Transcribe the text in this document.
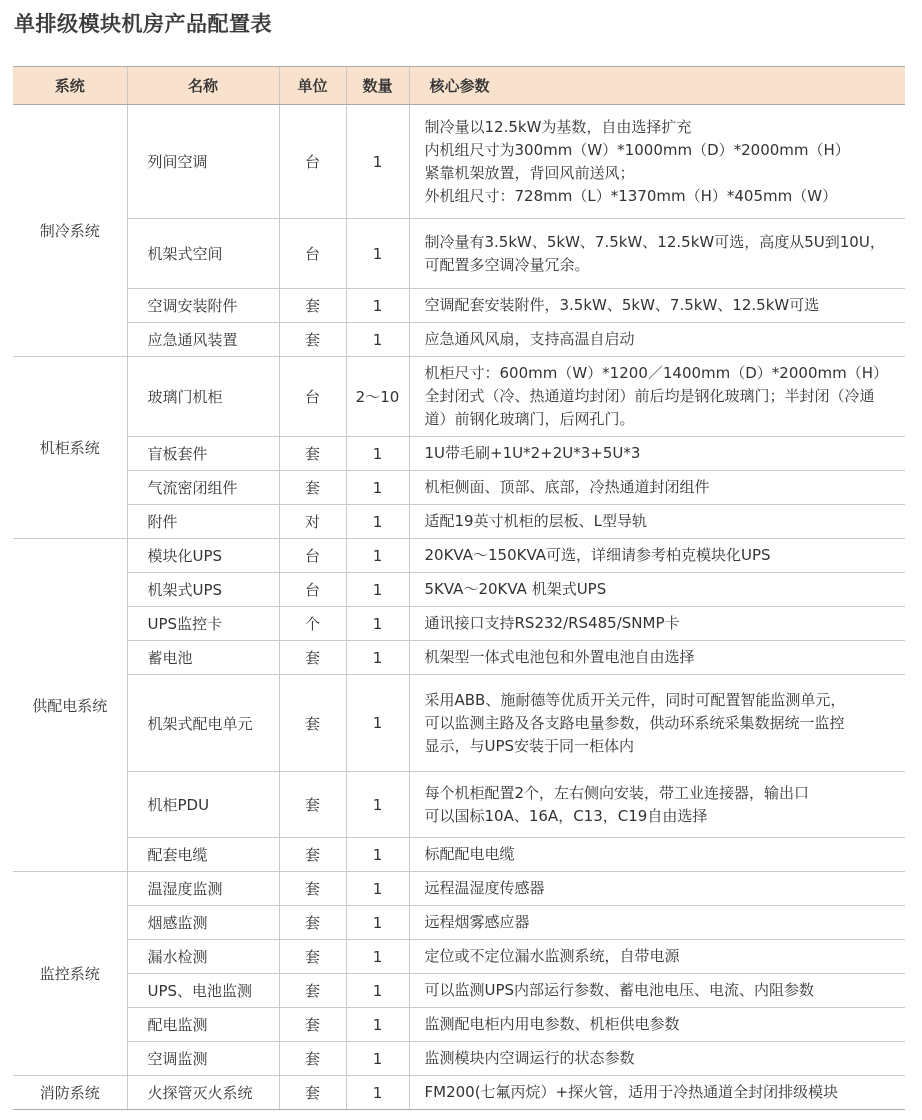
单排级模块机房产品配置表
系统	名称	单位	数量	核心参数
制冷系统	列间空调	台	1	制冷量以12.5kW为基数，自由选择扩充
内机组尺寸为300mm（W）*1000mm（D）*2000mm（H）
紧靠机架放置，背回风前送风；
外机组尺寸：728mm（L）*1370mm（H）*405mm（W）

	机架式空间	台	1	制冷量有3.5kW、5kW、7.5kW、12.5kW可选，高度从5U到10U，
可配置多空调冷量冗余。

	空调安装附件	套	1	空调配套安装附件，3.5kW、5kW、7.5kW、12.5kW可选

	应急通风装置	套	1	应急通风风扇，支持高温自启动

机柜系统	玻璃门机柜	台	2～10	机柜尺寸：600mm（W）*1200／1400mm（D）*2000mm（H）
全封闭式（冷、热通道均封闭）前后均是钢化玻璃门；半封闭（冷通
道）前钢化玻璃门，后网孔门。

	盲板套件	套	1	1U带毛刷+1U*2+2U*3+5U*3

	气流密闭组件	套	1	机柜侧面、顶部、底部，冷热通道封闭组件

	附件	对	1	适配19英寸机柜的层板、L型导轨

供配电系统	模块化UPS	台	1	20KVA～150KVA可选，详细请参考柏克模块化UPS

	机架式UPS	台	1	5KVA～20KVA 机架式UPS

	UPS监控卡	个	1	通讯接口支持RS232/RS485/SNMP卡

	蓄电池	套	1	机架型一体式电池包和外置电池自由选择

	机架式配电单元	套	1	采用ABB、施耐德等优质开关元件，同时可配置智能监测单元，
可以监测主路及各支路电量参数，供动环系统采集数据统一监控
显示，与UPS安装于同一柜体内

	机柜PDU	套	1	每个机柜配置2个，左右侧向安装，带工业连接器，输出口
可以国标10A、16A，C13，C19自由选择

	配套电缆	套	1	标配配电电缆

监控系统	温湿度监测	套	1	远程温湿度传感器

	烟感监测	套	1	远程烟雾感应器

	漏水检测	套	1	定位或不定位漏水监测系统，自带电源

	UPS、电池监测	套	1	可以监测UPS内部运行参数、蓄电池电压、电流、内阻参数

	配电监测	套	1	监测配电柜内用电参数、机柜供电参数

	空调监测	套	1	监测模块内空调运行的状态参数

消防系统	火探管灭火系统	套	1	FM200(七氟丙烷）+探火管，适用于冷热通道全封闭排级模块
